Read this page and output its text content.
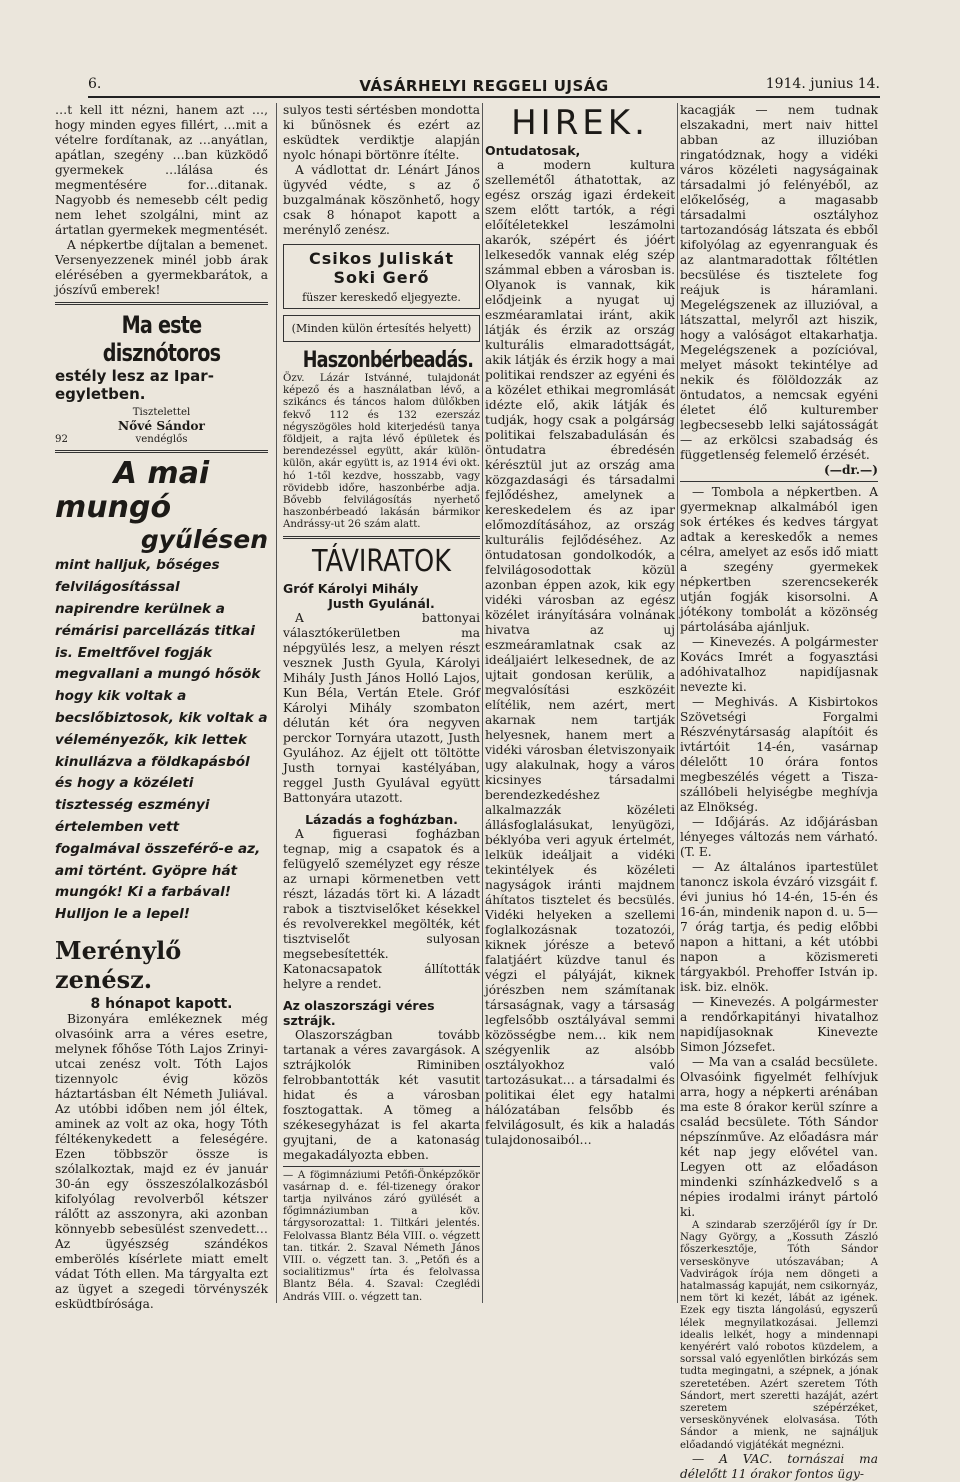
6.	VÁSÁRHELYI REGGELI UJSÁG	1914. junius 14.

…t kell itt nézni, hanem azt …, hogy minden egyes fillért, …mit a vételre fordítanak, az …anyátlan, apátlan, szegény …ban küzködő gyermekek …lálása és megmentésére for…ditanak. Nagyobb és nemesebb célt pedig nem lehet szolgálni, mint az ártatlan gyermekek megmentését.

A népkertbe díjtalan a bemenet. Versenyezzenek minél jobb árak elérésében a gyermekbarátok, a jószívű emberek!

Ma este disznótoros

estély lesz az Ipar-egyletben.

Tisztelettel

Nővé Sándor

92	vendéglős

A mai

mungó

gyűlésen

mint halljuk, bőséges felvilágosítással napirendre kerülnek a rémárisi parcellázás titkai is. Emeltfővel fogják megvallani a mungó hősök hogy kik voltak a becslőbiztosok, kik voltak a véleményezők, kik lettek kinullázva a földkapásból és hogy a közéleti tisztesség eszményi értelemben vett fogalmával összeférő-e az, ami történt. Gyöpre hát mungók! Ki a farbával! Hulljon le a lepel!

Merénylő zenész.

8 hónapot kapott.

Bizonyára emlékeznek még olvasóink arra a véres esetre, melynek főhőse Tóth Lajos Zrinyi-utcai zenész volt. Tóth Lajos tizennyolc évig közös háztartásban élt Németh Juliával. Az utóbbi időben nem jól éltek, aminek az volt az oka, hogy Tóth féltékenykedett a feleségére. Ezen többször össze is szólalkoztak, majd ez év január 30-án egy összeszólalkozásból kifolyólag revolverből kétszer rálőtt az asszonyra, aki azonban könnyebb sebesülést szenvedett… Az ügyészség szándékos emberölés kísérlete miatt emelt vádat Tóth ellen. Ma tárgyalta ezt az ügyet a szegedi törvényszék esküdtbírósága.

sulyos testi sértésben mondotta ki bűnösnek és ezért az esküdtek verdiktje alapján nyolc hónapi börtönre ítélte.

A vádlottat dr. Lénárt János ügyvéd védte, s az ő buzgalmának köszönhető, hogy csak 8 hónapot kapott a merénylő zenész.

Csikos Juliskát
Soki Gerő
füszer kereskedő eljegyezte.
(Minden külön értesítés helyett)
Haszonbérbeadás.

Özv. Lázár Istvánné, tulajdonát képező és a használatban lévő, a szikáncs és táncos halom dülőkben fekvő 112 és 132 ezerszáz négyszögöles hold kiterjedésü tanya földjeit, a rajta lévő épületek és berendezéssel együtt, akár külön-külön, akár együtt is, az 1914 évi okt. hó 1-től kezdve, hosszabb, vagy rövidebb időre, haszonbérbe adja. Bővebb felvilágosítás nyerhető haszonbérbeadó lakásán bármikor Andrássy-ut 26 szám alatt.

TÁVIRATOK

Gróf Károlyi Mihály

Justh Gyulánál.

A battonyai választókerületben ma népgyülés lesz, a melyen részt vesznek Justh Gyula, Károlyi Mihály Justh János Holló Lajos, Kun Béla, Vertán Etele. Gróf Károlyi Mihály szombaton délután két óra negyven perckor Tornyára utazott, Justh Gyulához. Az éjjelt ott töltötte Justh tornyai kastélyában, reggel Justh Gyulával együtt Battonyára utazott.

Lázadás a foghάzban.

A figuerasi fogházban tegnap, mig a csapatok és a felügyelő személyzet egy része az urnapi körmenetben vett részt, lázadás tört ki. A lázadt rabok a tisztviselőket késekkel és revolverekkel megölték, két tisztviselőt sulyosan megsebesítették. Katonacsapatok állították helyre a rendet.

Az olaszországi véres sztrájk.

Olaszországban tovább tartanak a véres zavargások. A sztrájkolók Riminiben felrobbantották két vasutit hidat és a városban fosztogattak. A tömeg a székesegyházat is fel akarta gyujtani, de a katonaság megakadályozta ebben.

— A fögimnáziumi Petőfi-Önképzőkör vasárnap d. e. fél-tizenegy órakor tartja nyilvános záró gyülését a főgimnáziumban a köv. tárgysorozattal: 1. Tiltkári jelentés. Felolvassa Blantz Béla VIII. o. végzett tan. titkár. 2. Szaval Németh János VIII. o. végzett tan. 3. „Petőfi és a socialitizmus" írta és felolvassa Blantz Béla. 4. Szaval: Czeglédi András VIII. o. végzett tan.

HIREK.

Ontudatosak,

a modern kultura szellemétől áthatottak, az egész ország igazi érdekeit szem előtt tartók, a régi előítéletekkel leszámolni akarók, szépért és jóért lelkesedők vannak elég szép számmal ebben a városban is. Olyanok is vannak, kik elődjeink a nyugat uj eszméaramlatai iránt, akik látják és érzik az ország kulturális elmaradottságát, akik látják és érzik hogy a mai politikai rendszer az egyéni és a közélet ethikai megromlását idézte elő, akik látják és tudják, hogy csak a polgárság politikai felszabadulásán és öntudatra ébredésén kérésztül jut az ország ama közgazdasági és társadalmi fejlődéshez, amelynek a kereskedelem és az ipar előmozdításához, az ország kulturális fejlődéséhez. Az öntudatosan gondolkodók, a felvilágosodottak közül azonban éppen azok, kik egy vidéki városban az egész közélet irányítására volnának hivatva az uj eszmeáramlatnak csak az ideáljaiért lelkesednek, de az ujtait gondosan kerülik, a megvalósítási eszközéit elítélik, nem azért, mert akarnak nem tartják helyesnek, hanem mert a vidéki városban életviszonyaik ugy alakulnak, hogy a város kicsinyes társadalmi berendezkedéshez alkalmazzák közéleti állásfoglalásukat, lenyügözi, béklyóba veri agyuk értelmét, lelkük ideáljait a vidéki tekintélyek és közéleti nagyságok iránti majdnem áhítatos tisztelet és becsülés. Vidéki helyeken a szellemi foglalkozásnak tozatozói, kiknek jórésze a betevő falatjáért küzdve tanul és végzi el pályáját, kiknek jórészben nem számítanak társaságnak, vagy a társaság legfelsőbb osztályával semmi közösségbe nem… kik nem szégyenlik az alsóbb osztályokhoz való tartozásukat… a társadalmi és politikai élet egy hatalmi hálózatában felsőbb és felvilágosult, és kik a haladás tulajdonosaiból…

kacagják — nem tudnak elszakadni, mert naiv hittel abban az illuzióban ringatódznak, hogy a vidéki város közéleti nagyságainak társadalmi jó felényéből, az előkelőség, a magasabb társadalmi osztályhoz tartozandóság látszata és ebből kifolyólag az egyenranguak és az alantmaradottak főltétlen becsülése és tisztelete fog reájuk is háramlani. Megelégszenek az illuzióval, a látszattal, melyről azt hiszik, hogy a valóságot eltakarhatja. Megelégszenek a pozícióval, melyet másokt tekintélye ad nekik és fölöldozzák az öntudatos, a nemcsak egyéni életet élő kulturember legbecsesebb lelki sajátosságát — az erkölcsi szabadság és függetlenség felemelő érzését.

(—dr.—)

— Tombola a népkertben. A gyermeknap alkalmából igen sok értékes és kedves tárgyat adtak a kereskedők a nemes célra, amelyet az esős idő miatt a szegény gyermekek népkertben szerencsekerék utján fogják kisorsolni. A jótékony tombolát a közönség pártolásába ajánljuk.

— Kinevezés. A polgármester Kovács Imrét a fogyasztási adóhivatalhoz napidíjasnak nevezte ki.

— Meghivás. A Kisbirtokos Szövetségi Forgalmi Részvénytársaság alapítóit és ivtártóit 14-én, vasárnap délelőtt 10 órára fontos megbeszélés végett a Tisza-szállóbeli helyiségbe meghívja az Elnökség.

— Időjárás. Az időjárásban lényeges változás nem várható. (T. E.

— Az általános ipartestület tanoncz iskola évzáró vizsgáit f. évi junius hó 14-én, 15-én és 16-án, mindenik napon d. u. 5—7 órág tartja, és pedig előbbi napon a hittani, a két utóbbi napon a közismereti tárgyakból. Prehoffer István ip. isk. biz. elnök.

— Kinevezés. A polgármester a rendőrkapitányi hivatalhoz napidíjasoknak Kinevezte Simon Józsefet.

— Ma van a család becsülete. Olvasóink figyelmét felhívjuk arra, hogy a népkerti arénában ma este 8 órakor kerül színre a család becsülete. Tóth Sándor népszínműve. Az előadásra már két nap jegy elővétel van. Legyen ott az előadáson mindenki színházkedvelő s a népies irodalmi irányt pártoló ki.

A szindarab szerzőjéről így ír Dr. Nagy György, a „Kossuth Zászló főszerkesztője, Tóth Sándor verseskönyve utószavában; A Vadvirágok írója nem döngeti a hatalmasság kapuját, nem csikornyáz, nem tört ki kezét, lábát az igének. Ezek egy tiszta lángolású, egyszerű lélek megnyilatkozásai. Jellemzi idealis lelkét, hogy a mindennapi kenyérért való robotos küzdelem, a sorssal való egyenlőtlen birkózás sem tudta megingatni, a szépnek, a jónak szeretetében. Azért szeretem Tóth Sándort, mert szeretti hazáját, azért szeretem szépérzéket, verseskönyvének elolvasása. Tóth Sándor a mienk, ne sajnáljuk előadandó vigjátékát megnézni.

— A VAC. tornászai ma délelőtt 11 órakor fontos ügy-
